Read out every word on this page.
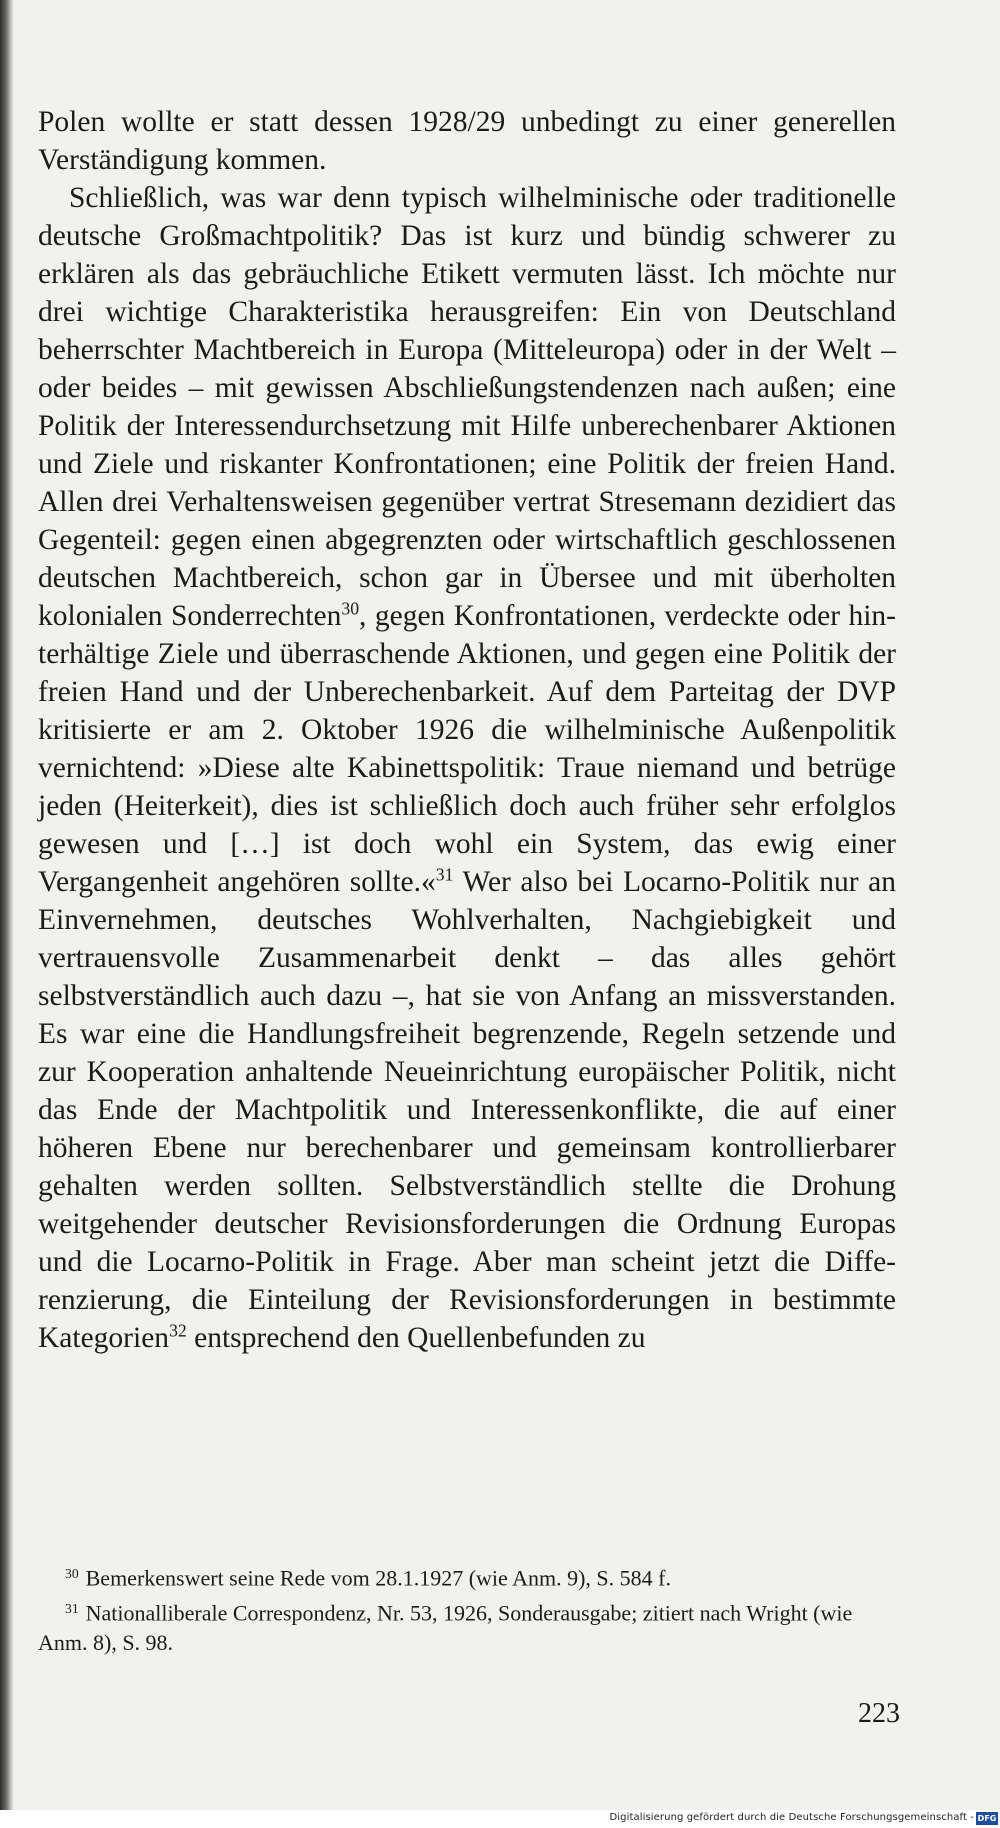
Polen wollte er statt dessen 1928/29 unbedingt zu einer generellen Verständigung kommen.

Schließlich, was war denn typisch wilhelminische oder traditionelle deutsche Großmachtpolitik? Das ist kurz und bündig schwerer zu erklären als das gebräuchliche Etikett vermuten lässt. Ich möchte nur drei wichtige Charakteristika herausgreifen: Ein von Deutschland beherrschter Machtbereich in Europa (Mitteleuropa) oder in der Welt – oder beides – mit gewissen Abschließungstendenzen nach außen; eine Politik der Interessendurchsetzung mit Hilfe unberechenbarer Aktionen und Ziele und riskanter Konfrontationen; eine Politik der freien Hand. Allen drei Verhaltensweisen gegenüber vertrat Stresemann dezidiert das Gegenteil: gegen einen abgegrenzten oder wirtschaftlich geschlossenen deutschen Machtbereich, schon gar in Übersee und mit überholten kolonialen Sonderrechten$^{30}$, gegen Konfrontationen, verdeckte oder hinterhältige Ziele und überraschende Aktionen, und gegen eine Politik der freien Hand und der Unberechenbarkeit. Auf dem Parteitag der DVP kritisierte er am 2. Oktober 1926 die wilhelminische Außenpolitik vernichtend: »Diese alte Kabinettspolitik: Traue niemand und betrüge jeden (Heiterkeit), dies ist schließlich doch auch früher sehr erfolglos gewesen und […] ist doch wohl ein System, das ewig einer Vergangenheit angehören sollte.«$^{31}$ Wer also bei Locarno-Politik nur an Einvernehmen, deutsches Wohlverhalten, Nachgiebigkeit und vertrauensvolle Zusammenarbeit denkt – das alles gehört selbstverständlich auch dazu –, hat sie von Anfang an missverstanden. Es war eine die Handlungsfreiheit begrenzende, Regeln setzende und zur Kooperation anhaltende Neueinrichtung europäischer Politik, nicht das Ende der Machtpolitik und Interessenkonflikte, die auf einer höheren Ebene nur berechenbarer und gemeinsam kontrollierbarer gehalten werden sollten. Selbstverständlich stellte die Drohung weitgehender deutscher Revisionsforderungen die Ordnung Europas und die Locarno-Politik in Frage. Aber man scheint jetzt die Differenzierung, die Einteilung der Revisionsforderungen in bestimmte Kategorien$^{32}$ entsprechend den Quellenbefunden zu

$^{30}$ Bemerkenswert seine Rede vom 28.1.1927 (wie Anm. 9), S. 584 f.

$^{31}$ Nationalliberale Correspondenz, Nr. 53, 1926, Sonderausgabe; zitiert nach Wright (wie Anm. 8), S. 98.

223
Digitalisierung gefördert durch die Deutsche Forschungsgemeinschaft - DFG
